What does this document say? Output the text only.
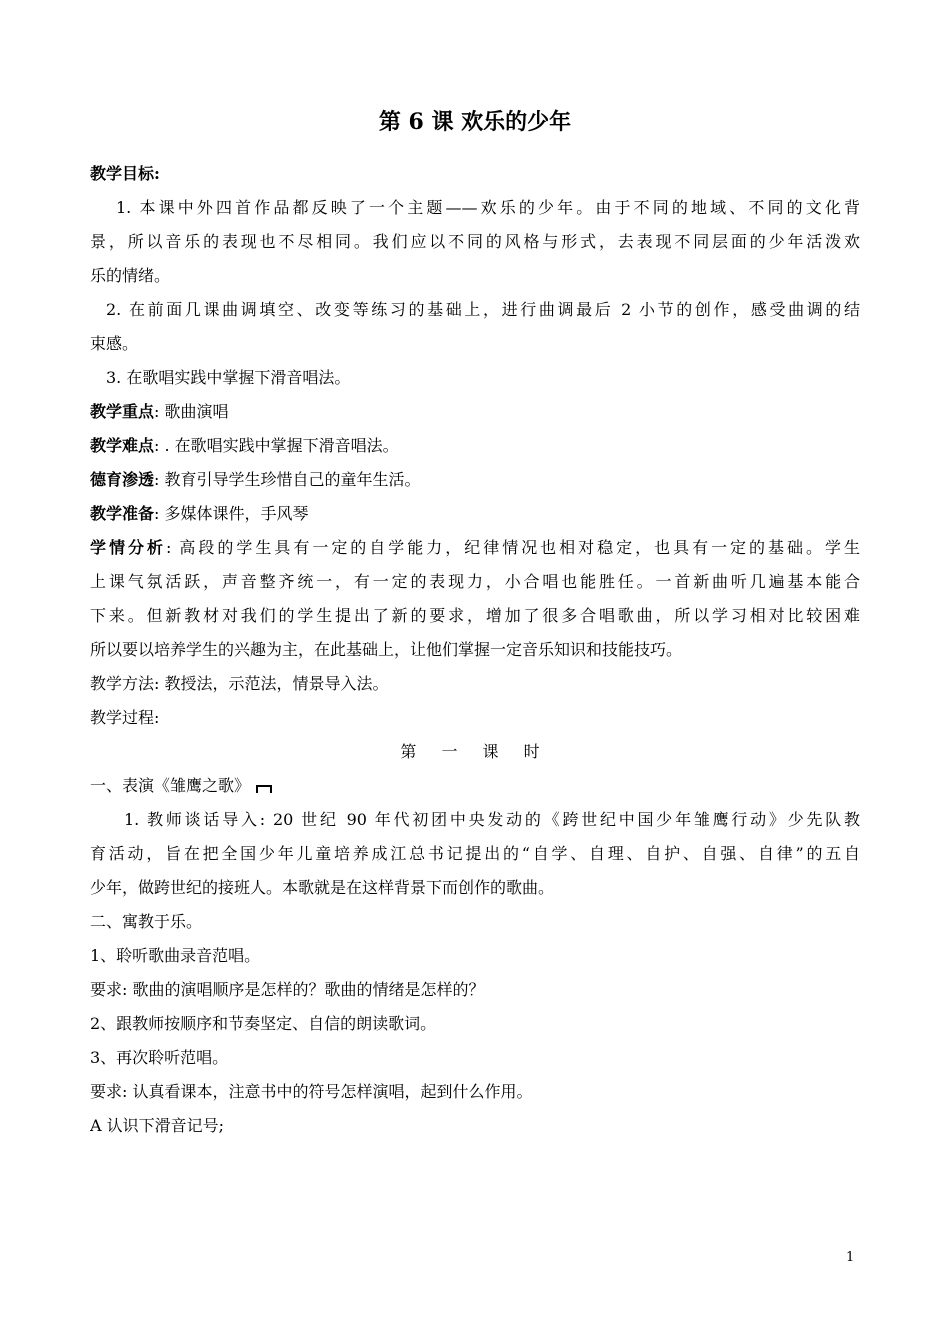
第 6 课 欢乐的少年
教学目标:
1. 本课中外四首作品都反映了一个主题——欢乐的少年。由于不同的地域、不同的文化背
景，所以音乐的表现也不尽相同。我们应以不同的风格与形式，去表现不同层面的少年活泼欢
乐的情绪。
2. 在前面几课曲调填空、改变等练习的基础上，进行曲调最后 2 小节的创作，感受曲调的结
束感。
3. 在歌唱实践中掌握下滑音唱法。
教学重点: 歌曲演唱
教学难点: . 在歌唱实践中掌握下滑音唱法。
德育渗透: 教育引导学生珍惜自己的童年生活。
教学准备: 多媒体课件，手风琴
学情分析: 高段的学生具有一定的自学能力，纪律情况也相对稳定，也具有一定的基础。学生
上课气氛活跃，声音整齐统一，有一定的表现力，小合唱也能胜任。一首新曲听几遍基本能合
下来。但新教材对我们的学生提出了新的要求，增加了很多合唱歌曲，所以学习相对比较困难
所以要以培养学生的兴趣为主，在此基础上，让他们掌握一定音乐知识和技能技巧。
教学方法: 教授法，示范法，情景导入法。
教学过程:
第 一 课 时
一、表演《雏鹰之歌》
1. 教师谈话导入: 20 世纪 90 年代初团中央发动的《跨世纪中国少年雏鹰行动》少先队教
育活动，旨在把全国少年儿童培养成江总书记提出的“自学、自理、自护、自强、自律”的五自
少年，做跨世纪的接班人。本歌就是在这样背景下而创作的歌曲。
二、寓教于乐。
1、聆听歌曲录音范唱。
要求: 歌曲的演唱顺序是怎样的？歌曲的情绪是怎样的？
2、跟教师按顺序和节奏坚定、自信的朗读歌词。
3、再次聆听范唱。
要求: 认真看课本，注意书中的符号怎样演唱，起到什么作用。
A 认识下滑音记号;
1
